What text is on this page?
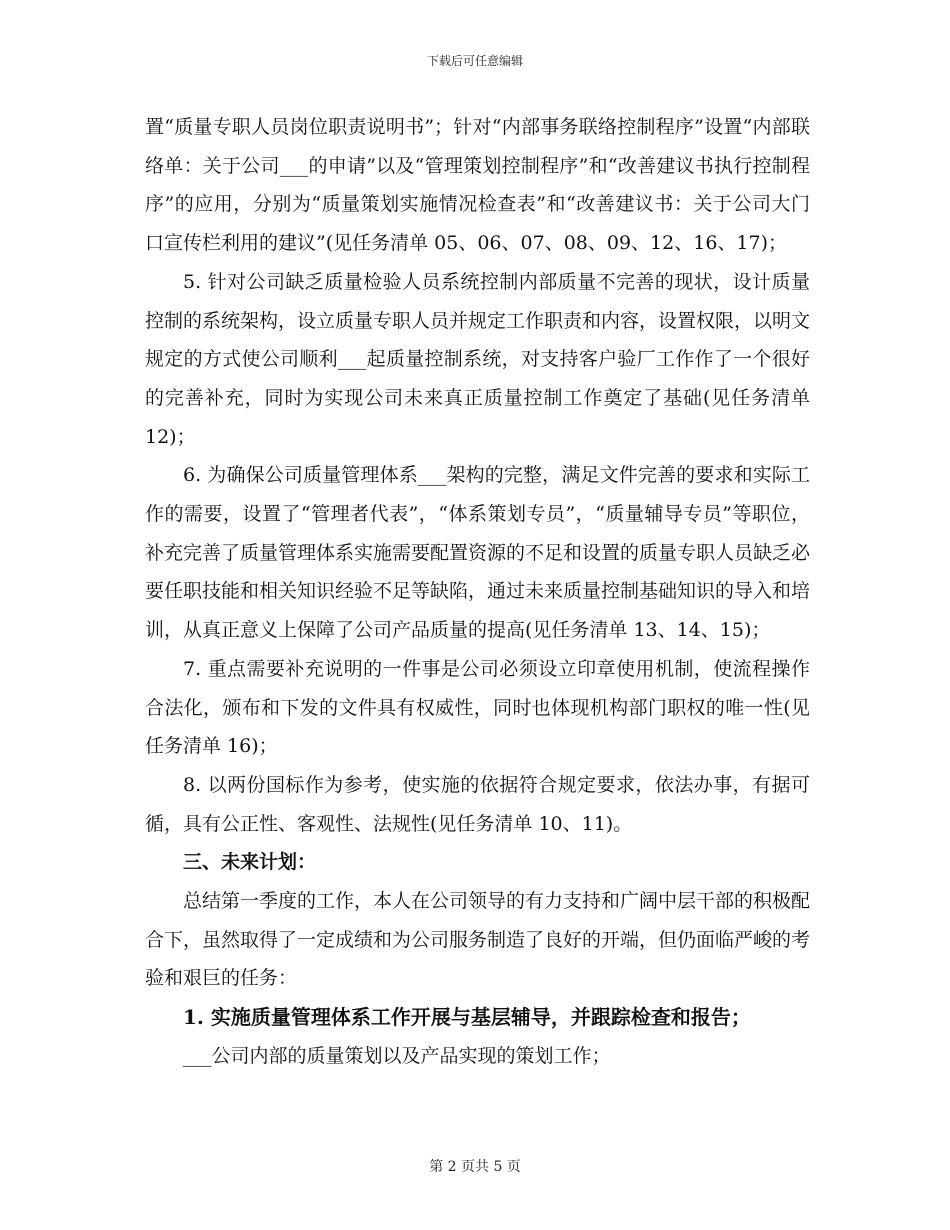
下载后可任意编辑

置“质量专职人员岗位职责说明书”；针对“内部事务联络控制程序”设置“内部联络单：关于公司___的申请”以及“管理策划控制程序”和“改善建议书执行控制程序”的应用，分别为“质量策划实施情况检查表”和“改善建议书：关于公司大门口宣传栏利用的建议”(见任务清单 05、06、07、08、09、12、16、17)；

5. 针对公司缺乏质量检验人员系统控制内部质量不完善的现状，设计质量控制的系统架构，设立质量专职人员并规定工作职责和内容，设置权限，以明文规定的方式使公司顺利___起质量控制系统，对支持客户验厂工作作了一个很好的完善补充，同时为实现公司未来真正质量控制工作奠定了基础(见任务清单 12)；

6. 为确保公司质量管理体系___架构的完整，满足文件完善的要求和实际工作的需要，设置了“管理者代表”，“体系策划专员”，“质量辅导专员”等职位，补充完善了质量管理体系实施需要配置资源的不足和设置的质量专职人员缺乏必要任职技能和相关知识经验不足等缺陷，通过未来质量控制基础知识的导入和培训，从真正意义上保障了公司产品质量的提高(见任务清单 13、14、15)；

7. 重点需要补充说明的一件事是公司必须设立印章使用机制，使流程操作合法化，颁布和下发的文件具有权威性，同时也体现机构部门职权的唯一性(见任务清单 16)；

8. 以两份国标作为参考，使实施的依据符合规定要求，依法办事，有据可循，具有公正性、客观性、法规性(见任务清单 10、11)。

三、未来计划：

总结第一季度的工作，本人在公司领导的有力支持和广阔中层干部的积极配合下，虽然取得了一定成绩和为公司服务制造了良好的开端，但仍面临严峻的考验和艰巨的任务：

1. 实施质量管理体系工作开展与基层辅导，并跟踪检查和报告；

___公司内部的质量策划以及产品实现的策划工作；

第 2 页共 5 页
